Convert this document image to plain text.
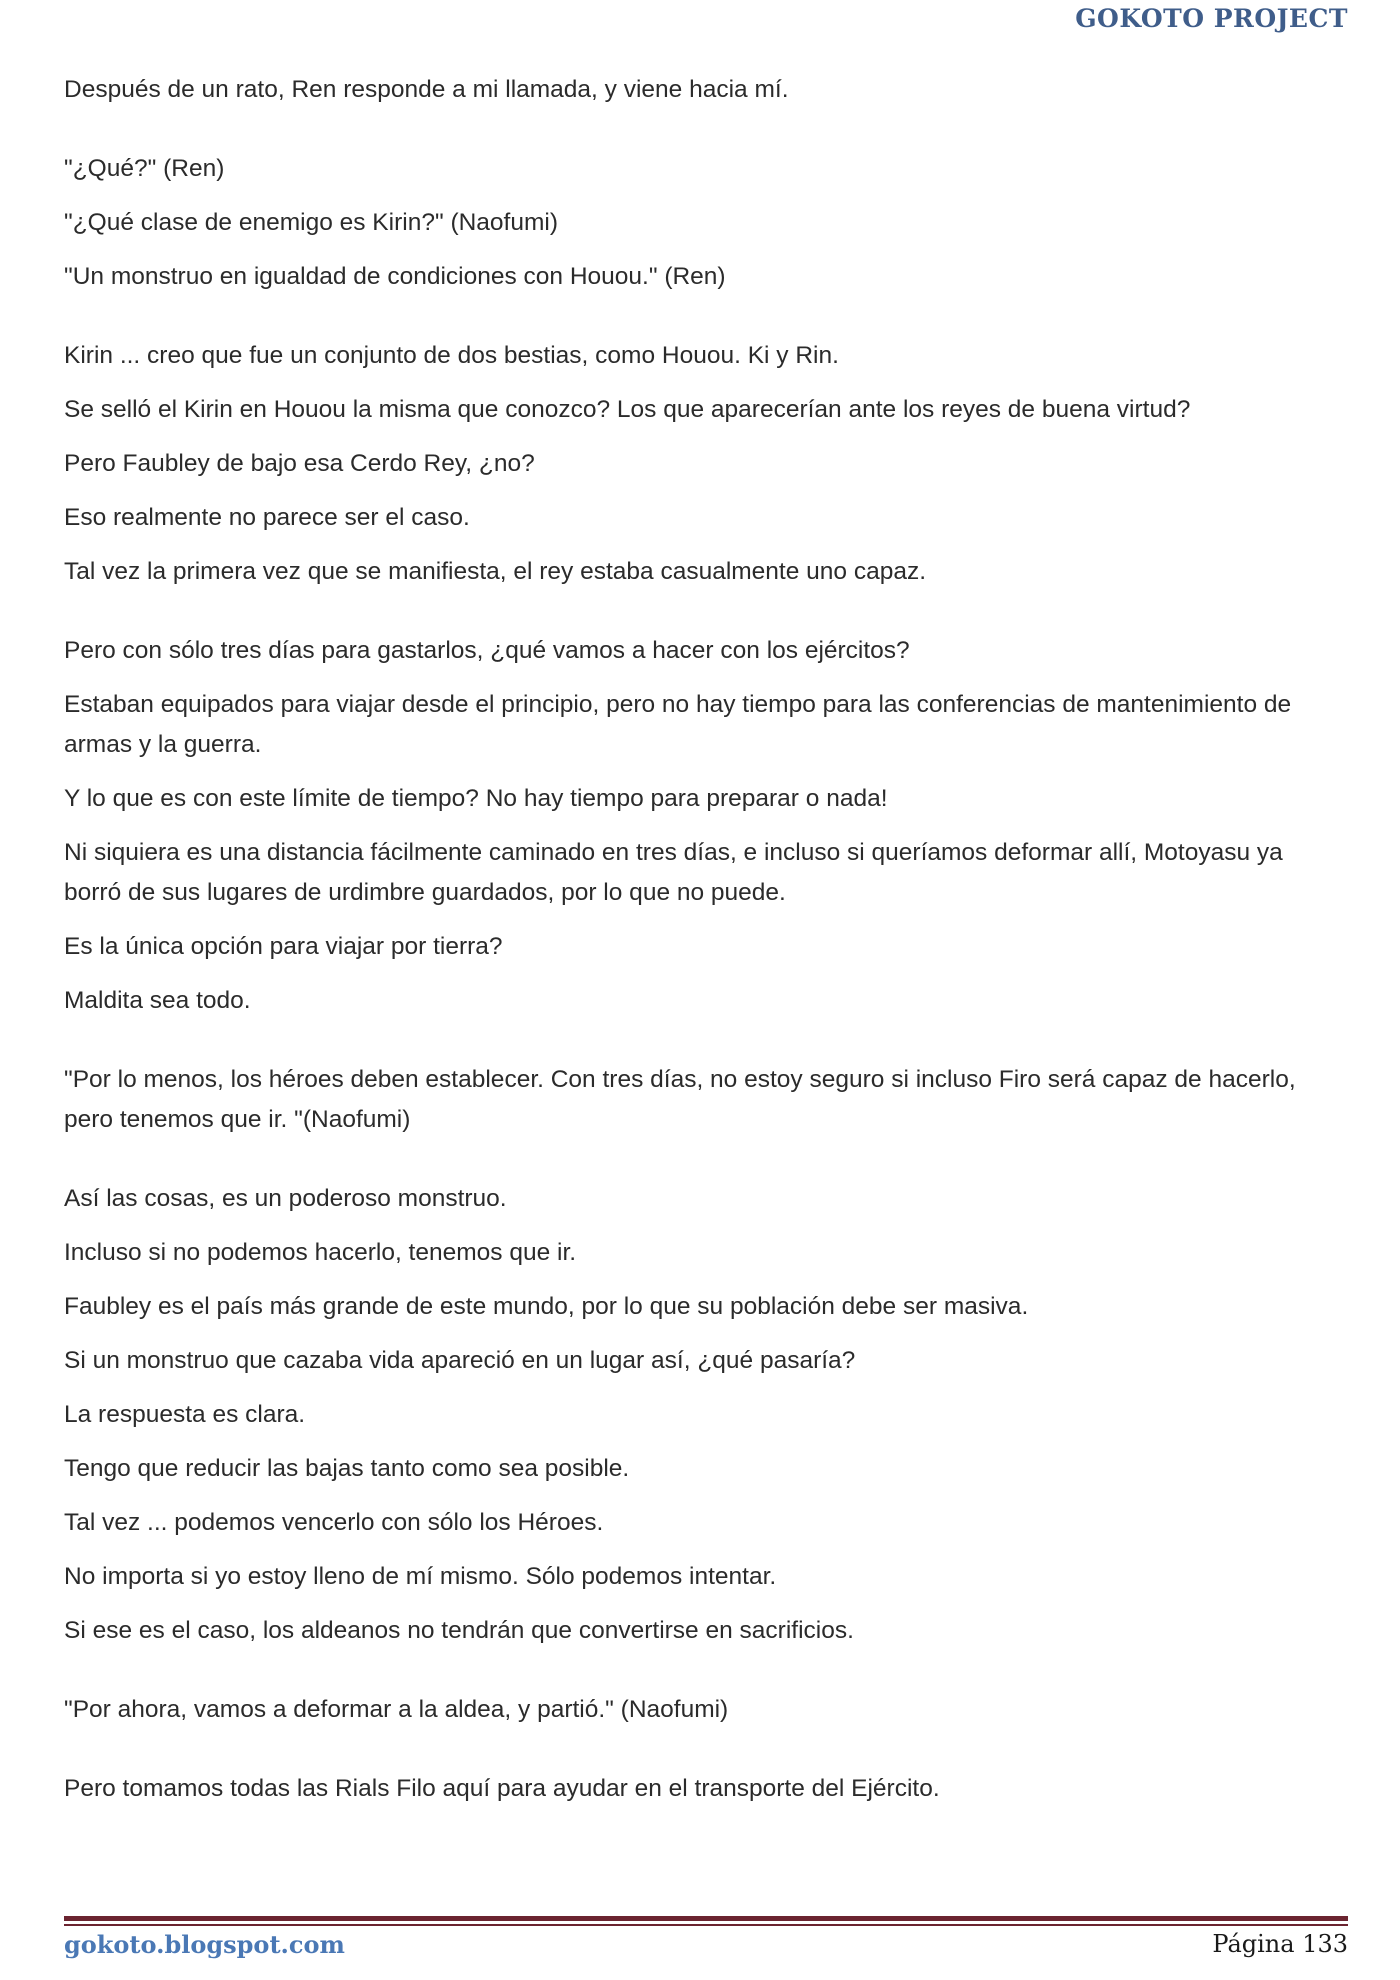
GOKOTO PROJECT

Después de un rato, Ren responde a mi llamada, y viene hacia mí.

"¿Qué?" (Ren)

"¿Qué clase de enemigo es Kirin?" (Naofumi)

"Un monstruo en igualdad de condiciones con Houou." (Ren)

Kirin ... creo que fue un conjunto de dos bestias, como Houou. Ki y Rin.

Se selló el Kirin en Houou la misma que conozco? Los que aparecerían ante los reyes de buena virtud?

Pero Faubley de bajo esa Cerdo Rey, ¿no?

Eso realmente no parece ser el caso.

Tal vez la primera vez que se manifiesta, el rey estaba casualmente uno capaz.

Pero con sólo tres días para gastarlos, ¿qué vamos a hacer con los ejércitos?

Estaban equipados para viajar desde el principio, pero no hay tiempo para las conferencias de mantenimiento de armas y la guerra.

Y lo que es con este límite de tiempo? No hay tiempo para preparar o nada!

Ni siquiera es una distancia fácilmente caminado en tres días, e incluso si queríamos deformar allí, Motoyasu ya borró de sus lugares de urdimbre guardados, por lo que no puede.

Es la única opción para viajar por tierra?

Maldita sea todo.

"Por lo menos, los héroes deben establecer. Con tres días, no estoy seguro si incluso Firo será capaz de hacerlo, pero tenemos que ir. "(Naofumi)

Así las cosas, es un poderoso monstruo.

Incluso si no podemos hacerlo, tenemos que ir.

Faubley es el país más grande de este mundo, por lo que su población debe ser masiva.

Si un monstruo que cazaba vida apareció en un lugar así, ¿qué pasaría?

La respuesta es clara.

Tengo que reducir las bajas tanto como sea posible.

Tal vez ... podemos vencerlo con sólo los Héroes.

No importa si yo estoy lleno de mí mismo. Sólo podemos intentar.

Si ese es el caso, los aldeanos no tendrán que convertirse en sacrificios.

"Por ahora, vamos a deformar a la aldea, y partió." (Naofumi)

Pero tomamos todas las Rials Filo aquí para ayudar en el transporte del Ejército.

gokoto.blogspot.com	Página 133
